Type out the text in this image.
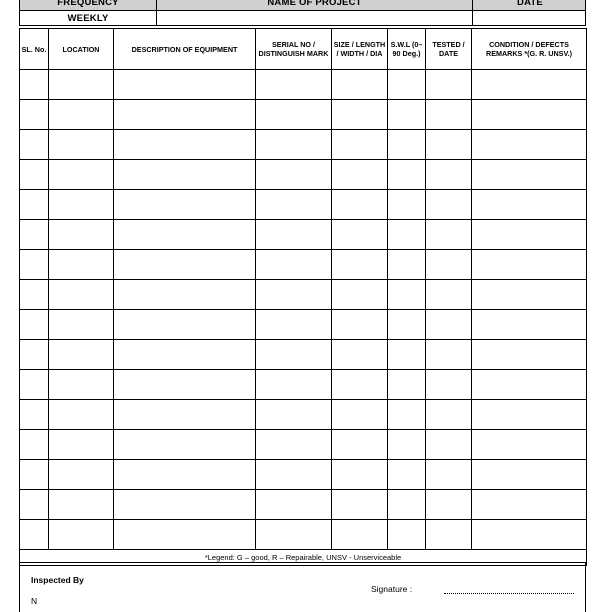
FREQUENCY	NAME OF PROJECT	DATE
WEEKLY
SL. No.	LOCATION	DESCRIPTION OF EQUIPMENT	SERIAL NO / DISTINGUISH MARK	SIZE / LENGTH / WIDTH / DIA	S.W.L (0–90 Deg.)	TESTED / DATE	CONDITION / DEFECTS REMARKS *(G. R. UNSV.)

*Legend: G – good, R – Repairable, UNSV - Unserviceable							
Inspected By
Signature :
N
